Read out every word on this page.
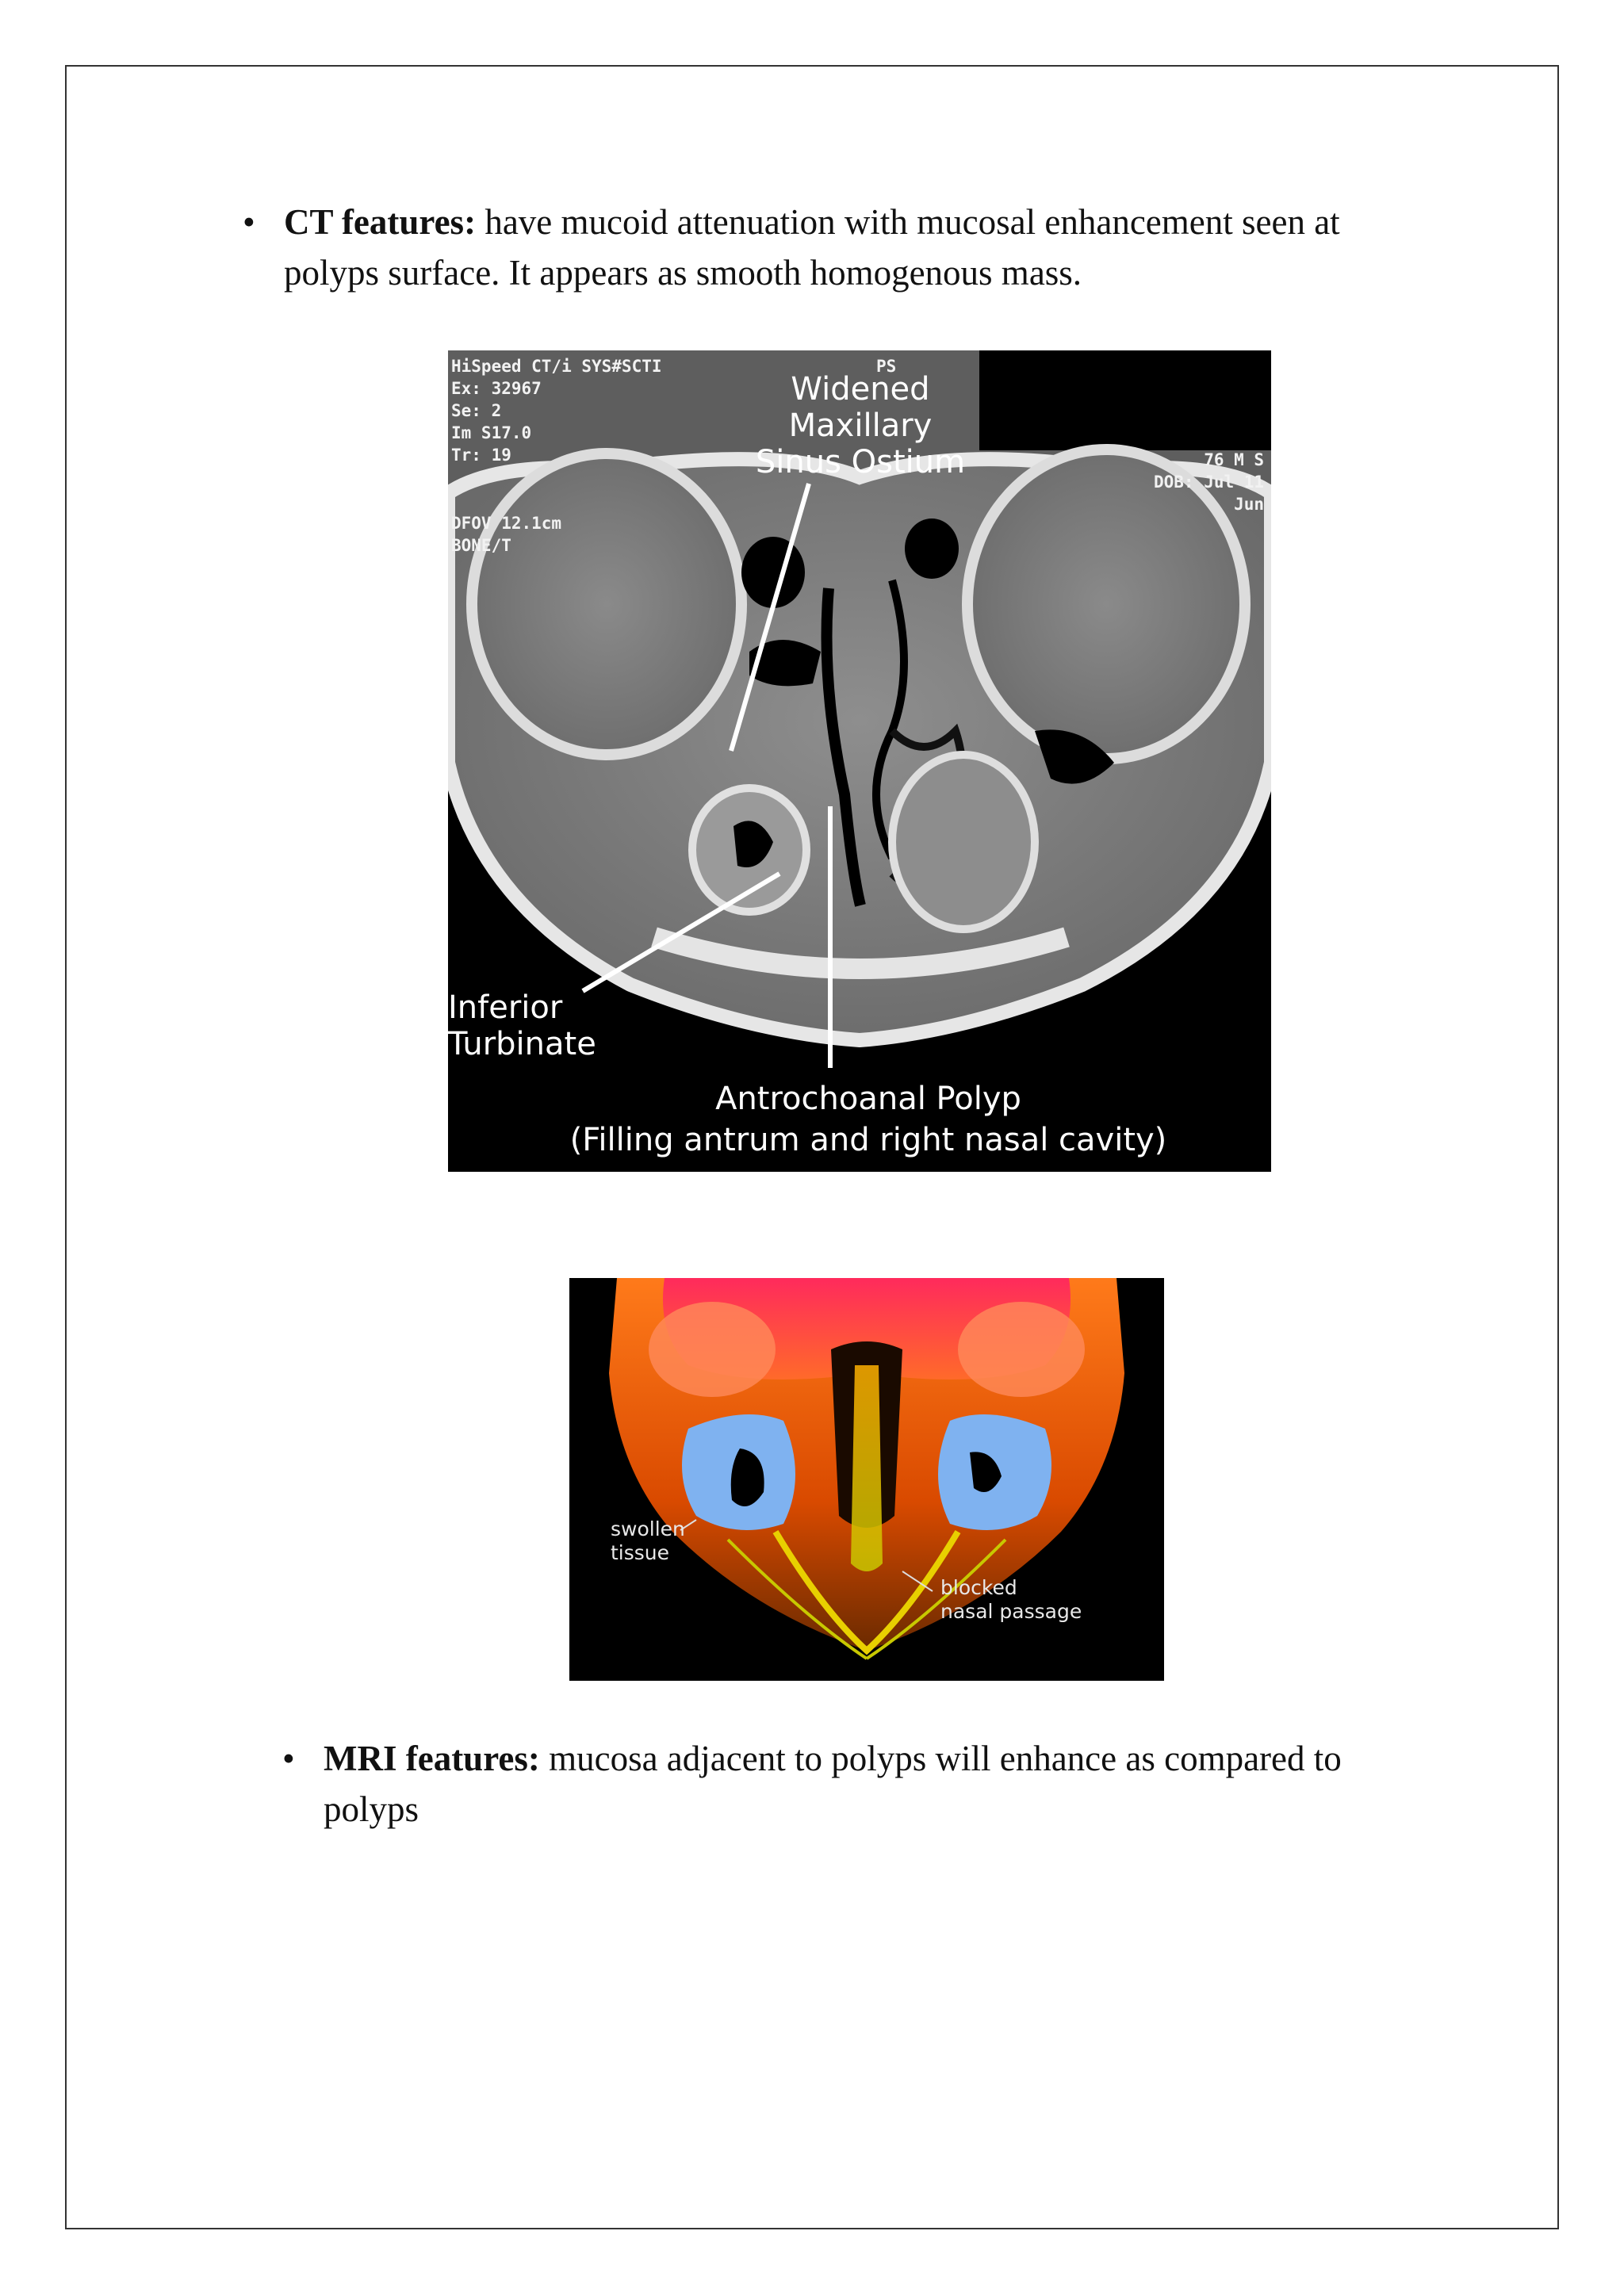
• CT features: have mucoid attenuation with mucosal enhancement seen at polyps surface. It appears as smooth homogenous mass.
HiSpeed CT/i SYS#SCTI
Ex: 32967
Se: 2
Im S17.0
Tr: 19
DFOV 12.1cm
BONE/T
PS
76 M S
DOB: Jul 11
Jun
Widened
Maxillary
Sinus Ostium
Inferior
Turbinate
Antrochoanal Polyp
(Filling antrum and right nasal cavity)
swollen
tissue
blocked
nasal passage
• MRI features: mucosa adjacent to polyps will enhance as compared to polyps
